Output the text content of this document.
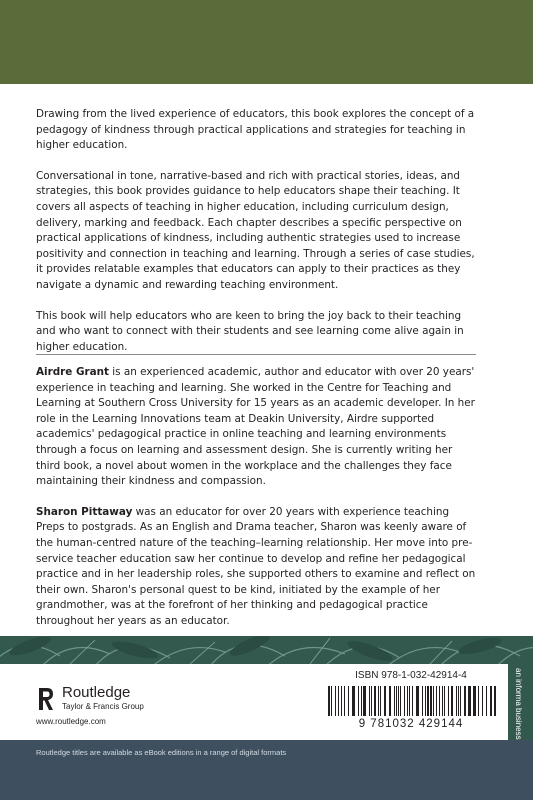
Drawing from the lived experience of educators, this book explores the concept of a pedagogy of kindness through practical applications and strategies for teaching in higher education.

Conversational in tone, narrative-based and rich with practical stories, ideas, and strategies, this book provides guidance to help educators shape their teaching. It covers all aspects of teaching in higher education, including curriculum design, delivery, marking and feedback. Each chapter describes a specific perspective on practical applications of kindness, including authentic strategies used to increase positivity and connection in teaching and learning. Through a series of case studies, it provides relatable examples that educators can apply to their practices as they navigate a dynamic and rewarding teaching environment.

This book will help educators who are keen to bring the joy back to their teaching and who want to connect with their students and see learning come alive again in higher education.

Airdre Grant is an experienced academic, author and educator with over 20 years' experience in teaching and learning. She worked in the Centre for Teaching and Learning at Southern Cross University for 15 years as an academic developer. In her role in the Learning Innovations team at Deakin University, Airdre supported academics' pedagogical practice in online teaching and learning environments through a focus on learning and assessment design. She is currently writing her third book, a novel about women in the workplace and the challenges they face maintaining their kindness and compassion.

Sharon Pittaway was an educator for over 20 years with experience teaching Preps to postgrads. As an English and Drama teacher, Sharon was keenly aware of the human-centred nature of the teaching–learning relationship. Her move into pre-service teacher education saw her continue to develop and refine her pedagogical practice and in her leadership roles, she supported others to examine and reflect on their own. Sharon's personal quest to be kind, initiated by the example of her grandmother, was at the forefront of her thinking and pedagogical practice throughout her years as an educator.

Routledge
Taylor & Francis Group
www.routledge.com
ISBN 978-1-032-42914-4
9 781032 429144	an informa business
Routledge titles are available as eBook editions in a range of digital formats
